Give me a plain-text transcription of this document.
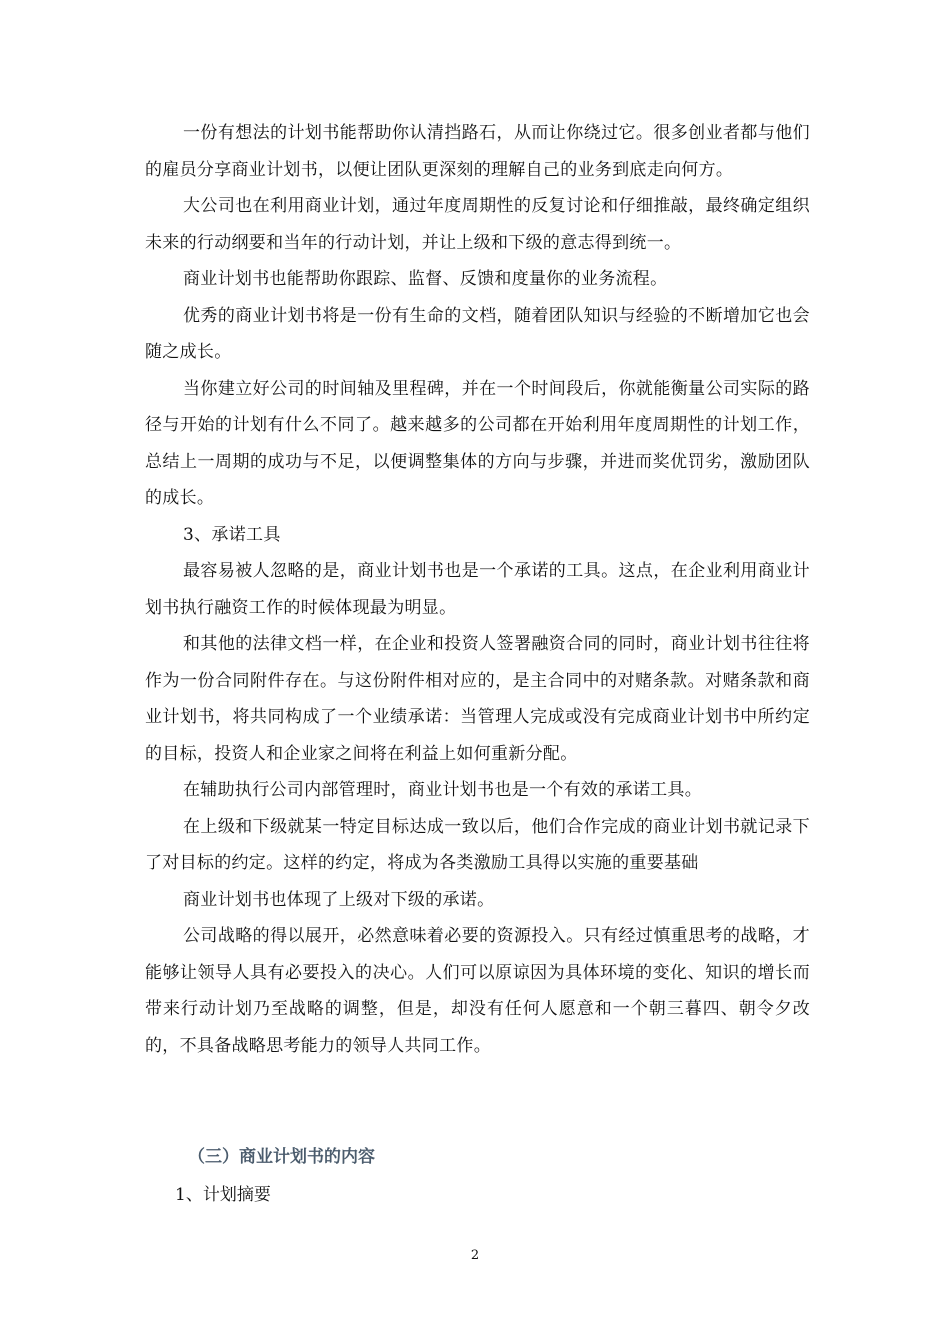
一份有想法的计划书能帮助你认清挡路石，从而让你绕过它。很多创业者都与他们的雇员分享商业计划书，以便让团队更深刻的理解自己的业务到底走向何方。

大公司也在利用商业计划，通过年度周期性的反复讨论和仔细推敲，最终确定组织未来的行动纲要和当年的行动计划，并让上级和下级的意志得到统一。

商业计划书也能帮助你跟踪、监督、反馈和度量你的业务流程。

优秀的商业计划书将是一份有生命的文档，随着团队知识与经验的不断增加它也会随之成长。

当你建立好公司的时间轴及里程碑，并在一个时间段后，你就能衡量公司实际的路径与开始的计划有什么不同了。越来越多的公司都在开始利用年度周期性的计划工作，总结上一周期的成功与不足，以便调整集体的方向与步骤，并进而奖优罚劣，激励团队的成长。

3、承诺工具

最容易被人忽略的是，商业计划书也是一个承诺的工具。这点，在企业利用商业计划书执行融资工作的时候体现最为明显。

和其他的法律文档一样，在企业和投资人签署融资合同的同时，商业计划书往往将作为一份合同附件存在。与这份附件相对应的，是主合同中的对赌条款。对赌条款和商业计划书，将共同构成了一个业绩承诺：当管理人完成或没有完成商业计划书中所约定的目标，投资人和企业家之间将在利益上如何重新分配。

在辅助执行公司内部管理时，商业计划书也是一个有效的承诺工具。

在上级和下级就某一特定目标达成一致以后，他们合作完成的商业计划书就记录下了对目标的约定。这样的约定，将成为各类激励工具得以实施的重要基础

商业计划书也体现了上级对下级的承诺。

公司战略的得以展开，必然意味着必要的资源投入。只有经过慎重思考的战略，才能够让领导人具有必要投入的决心。人们可以原谅因为具体环境的变化、知识的增长而带来行动计划乃至战略的调整，但是，却没有任何人愿意和一个朝三暮四、朝令夕改的，不具备战略思考能力的领导人共同工作。

（三）商业计划书的内容

1、计划摘要

2
